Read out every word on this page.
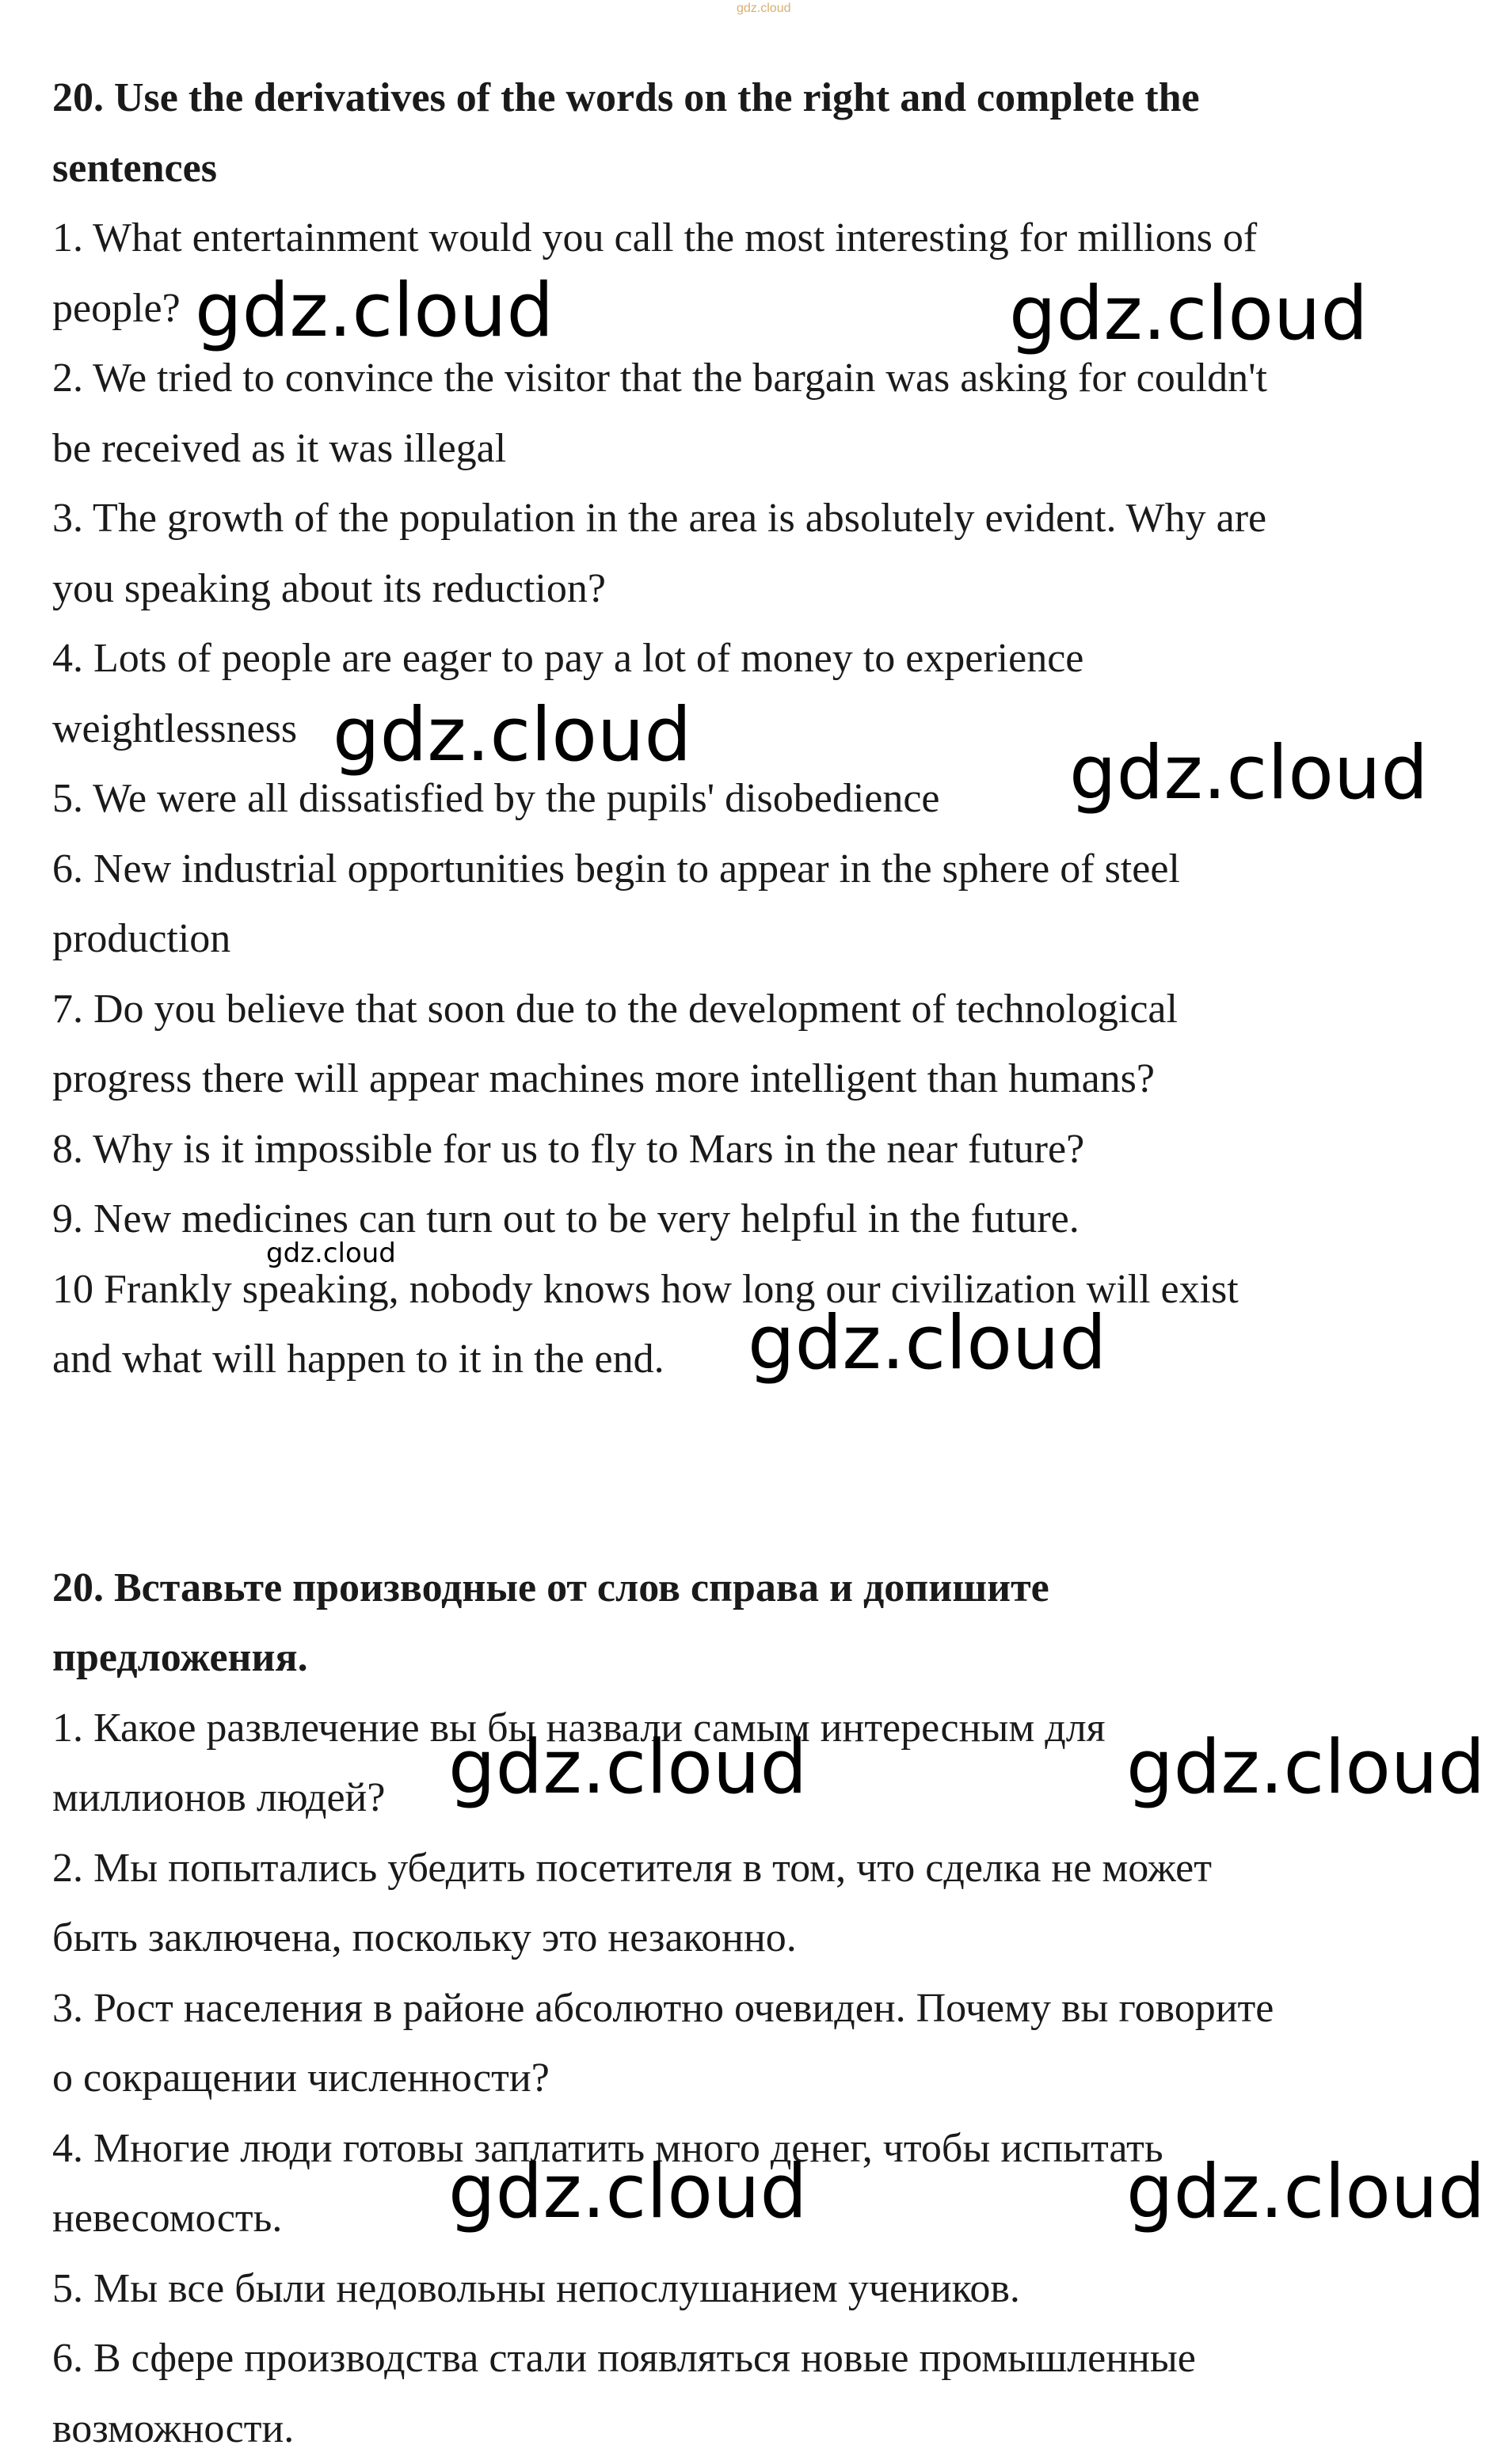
gdz.cloud
20. Use the derivatives of the words on the right and complete the
sentences
1. What entertainment would you call the most interesting for millions of
people?
2. We tried to convince the visitor that the bargain was asking for couldn't
be received as it was illegal
3. The growth of the population in the area is absolutely evident. Why are
you speaking about its reduction?
4. Lots of people are eager to pay a lot of money to experience
weightlessness
5. We were all dissatisfied by the pupils' disobedience
6. New industrial opportunities begin to appear in the sphere of steel
production
7. Do you believe that soon due to the development of technological
progress there will appear machines more intelligent than humans?
8. Why is it impossible for us to fly to Mars in the near future?
9. New medicines can turn out to be very helpful in the future.
10 Frankly speaking, nobody knows how long our civilization will exist
and what will happen to it in the end.
20. Вставьте производные от слов справа и допишите
предложения.
1. Какое развлечение вы бы назвали самым интересным для
миллионов людей?
2. Мы попытались убедить посетителя в том, что сделка не может
быть заключена, поскольку это незаконно.
3. Рост населения в районе абсолютно очевиден. Почему вы говорите
о сокращении численности?
4. Многие люди готовы заплатить много денег, чтобы испытать
невесомость.
5. Мы все были недовольны непослушанием учеников.
6. В сфере производства стали появляться новые промышленные
возможности.
gdz.cloud	gdz.cloud
gdz.cloud	gdz.cloud
gdz.cloud
gdz.cloud
gdz.cloud	gdz.cloud
gdz.cloud	gdz.cloud
